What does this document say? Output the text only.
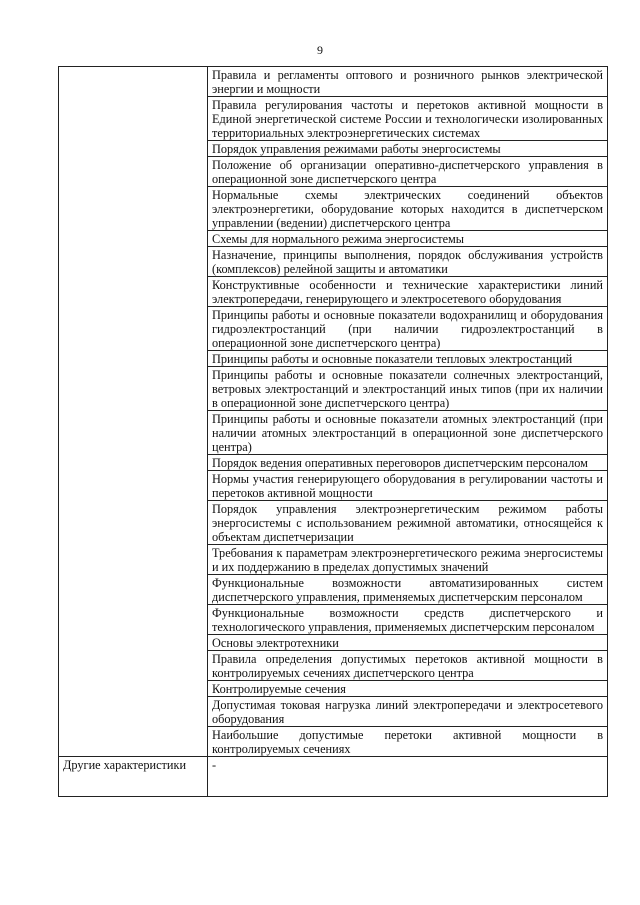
9
	Правила и регламенты оптового и розничного рынков электрической энергии и мощности
	Правила регулирования частоты и перетоков активной мощности в Единой энергетической системе России и технологически изолированных территориальных электроэнергетических системах
	Порядок управления режимами работы энергосистемы
	Положение об организации оперативно-диспетчерского управления в операционной зоне диспетчерского центра
	Нормальные схемы электрических соединений объектов электроэнергетики, оборудование которых находится в диспетчерском управлении (ведении) диспетчерского центра
	Схемы для нормального режима энергосистемы
	Назначение, принципы выполнения, порядок обслуживания устройств (комплексов) релейной защиты и автоматики
	Конструктивные особенности и технические характеристики линий электропередачи, генерирующего и электросетевого оборудования
	Принципы работы и основные показатели водохранилищ и оборудования гидроэлектростанций (при наличии гидроэлектростанций в операционной зоне диспетчерского центра)
	Принципы работы и основные показатели тепловых электростанций
	Принципы работы и основные показатели солнечных электростанций, ветровых электростанций и электростанций иных типов (при их наличии в операционной зоне диспетчерского центра)
	Принципы работы и основные показатели атомных электростанций (при наличии атомных электростанций в операционной зоне диспетчерского центра)
	Порядок ведения оперативных переговоров диспетчерским персоналом
	Нормы участия генерирующего оборудования в регулировании частоты и перетоков активной мощности
	Порядок управления электроэнергетическим режимом работы энергосистемы с использованием режимной автоматики, относящейся к объектам диспетчеризации
	Требования к параметрам электроэнергетического режима энергосистемы и их поддержанию в пределах допустимых значений
	Функциональные возможности автоматизированных систем диспетчерского управления, применяемых диспетчерским персоналом
	Функциональные возможности средств диспетчерского и технологического управления, применяемых диспетчерским персоналом
	Основы электротехники
	Правила определения допустимых перетоков активной мощности в контролируемых сечениях диспетчерского центра
	Контролируемые сечения
	Допустимая токовая нагрузка линий электропередачи и электросетевого оборудования
	Наибольшие допустимые перетоки активной мощности в контролируемых сечениях
Другие характеристики	-
